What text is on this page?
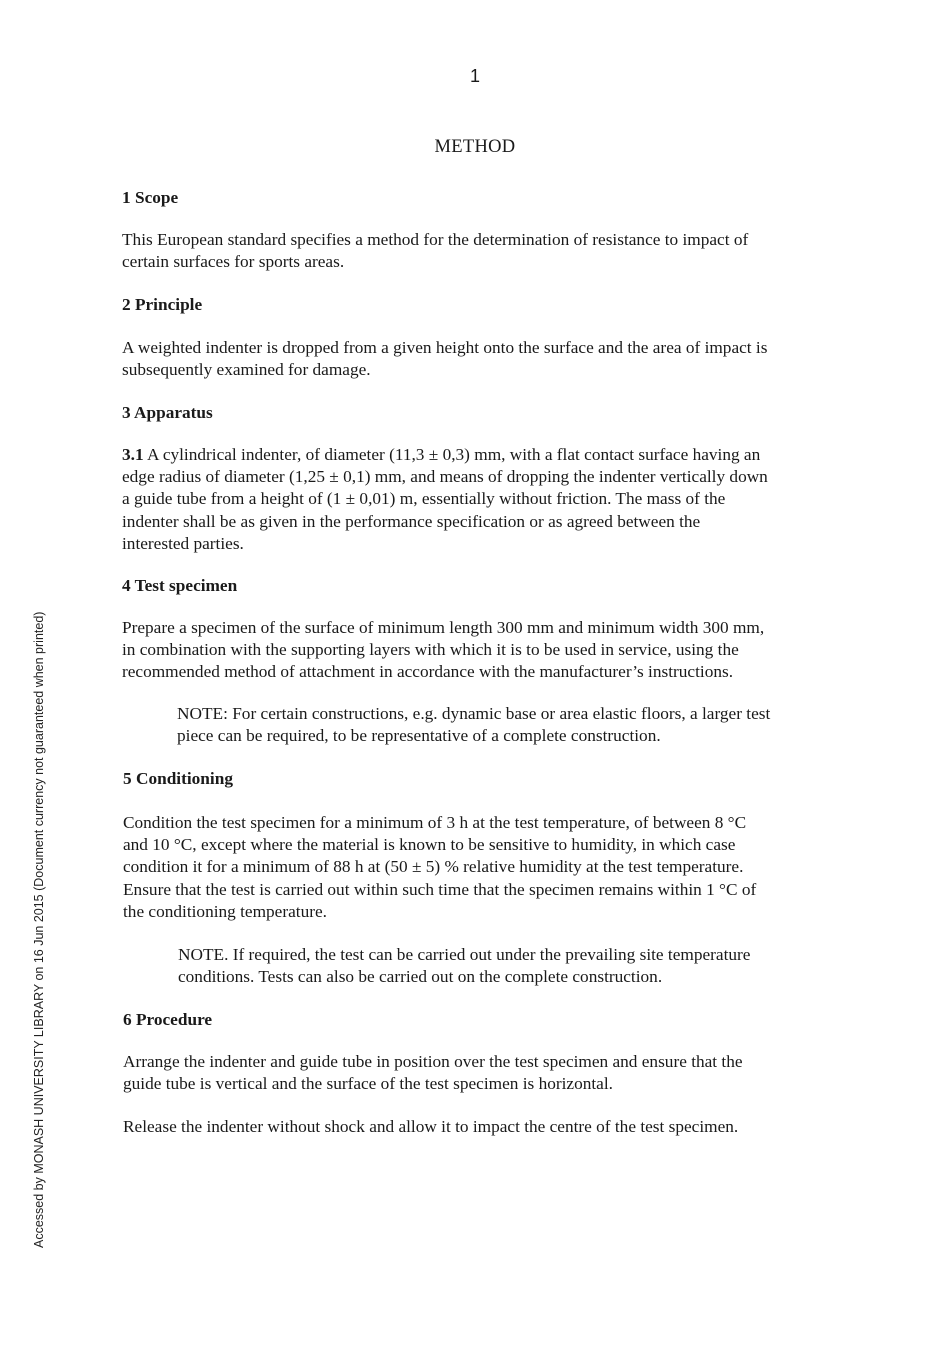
1
METHOD
Accessed by MONASH UNIVERSITY LIBRARY on 16 Jun 2015 (Document currency not guaranteed when printed)
1 Scope
This European standard specifies a method for the determination of resistance to impact of
certain surfaces for sports areas.
2 Principle
A weighted indenter is dropped from a given height onto the surface and the area of impact is
subsequently examined for damage.
3 Apparatus
3.1 A cylindrical indenter, of diameter (11,3 ± 0,3) mm, with a flat contact surface having an
edge radius of diameter (1,25 ± 0,1) mm, and means of dropping the indenter vertically down
a guide tube from a height of (1 ± 0,01) m, essentially without friction. The mass of the
indenter shall be as given in the performance specification or as agreed between the
interested parties.
4 Test specimen
Prepare a specimen of the surface of minimum length 300 mm and minimum width 300 mm,
in combination with the supporting layers with which it is to be used in service, using the
recommended method of attachment in accordance with the manufacturer’s instructions.
NOTE: For certain constructions, e.g. dynamic base or area elastic floors, a larger test
piece can be required, to be representative of a complete construction.
5 Conditioning
Condition the test specimen for a minimum of 3 h at the test temperature, of between 8 °C
and 10 °C, except where the material is known to be sensitive to humidity, in which case
condition it for a minimum of 88 h at (50 ± 5) % relative humidity at the test temperature.
Ensure that the test is carried out within such time that the specimen remains within 1 °C of
the conditioning temperature.
NOTE. If required, the test can be carried out under the prevailing site temperature
conditions. Tests can also be carried out on the complete construction.
6 Procedure
Arrange the indenter and guide tube in position over the test specimen and ensure that the
guide tube is vertical and the surface of the test specimen is horizontal.
Release the indenter without shock and allow it to impact the centre of the test specimen.
